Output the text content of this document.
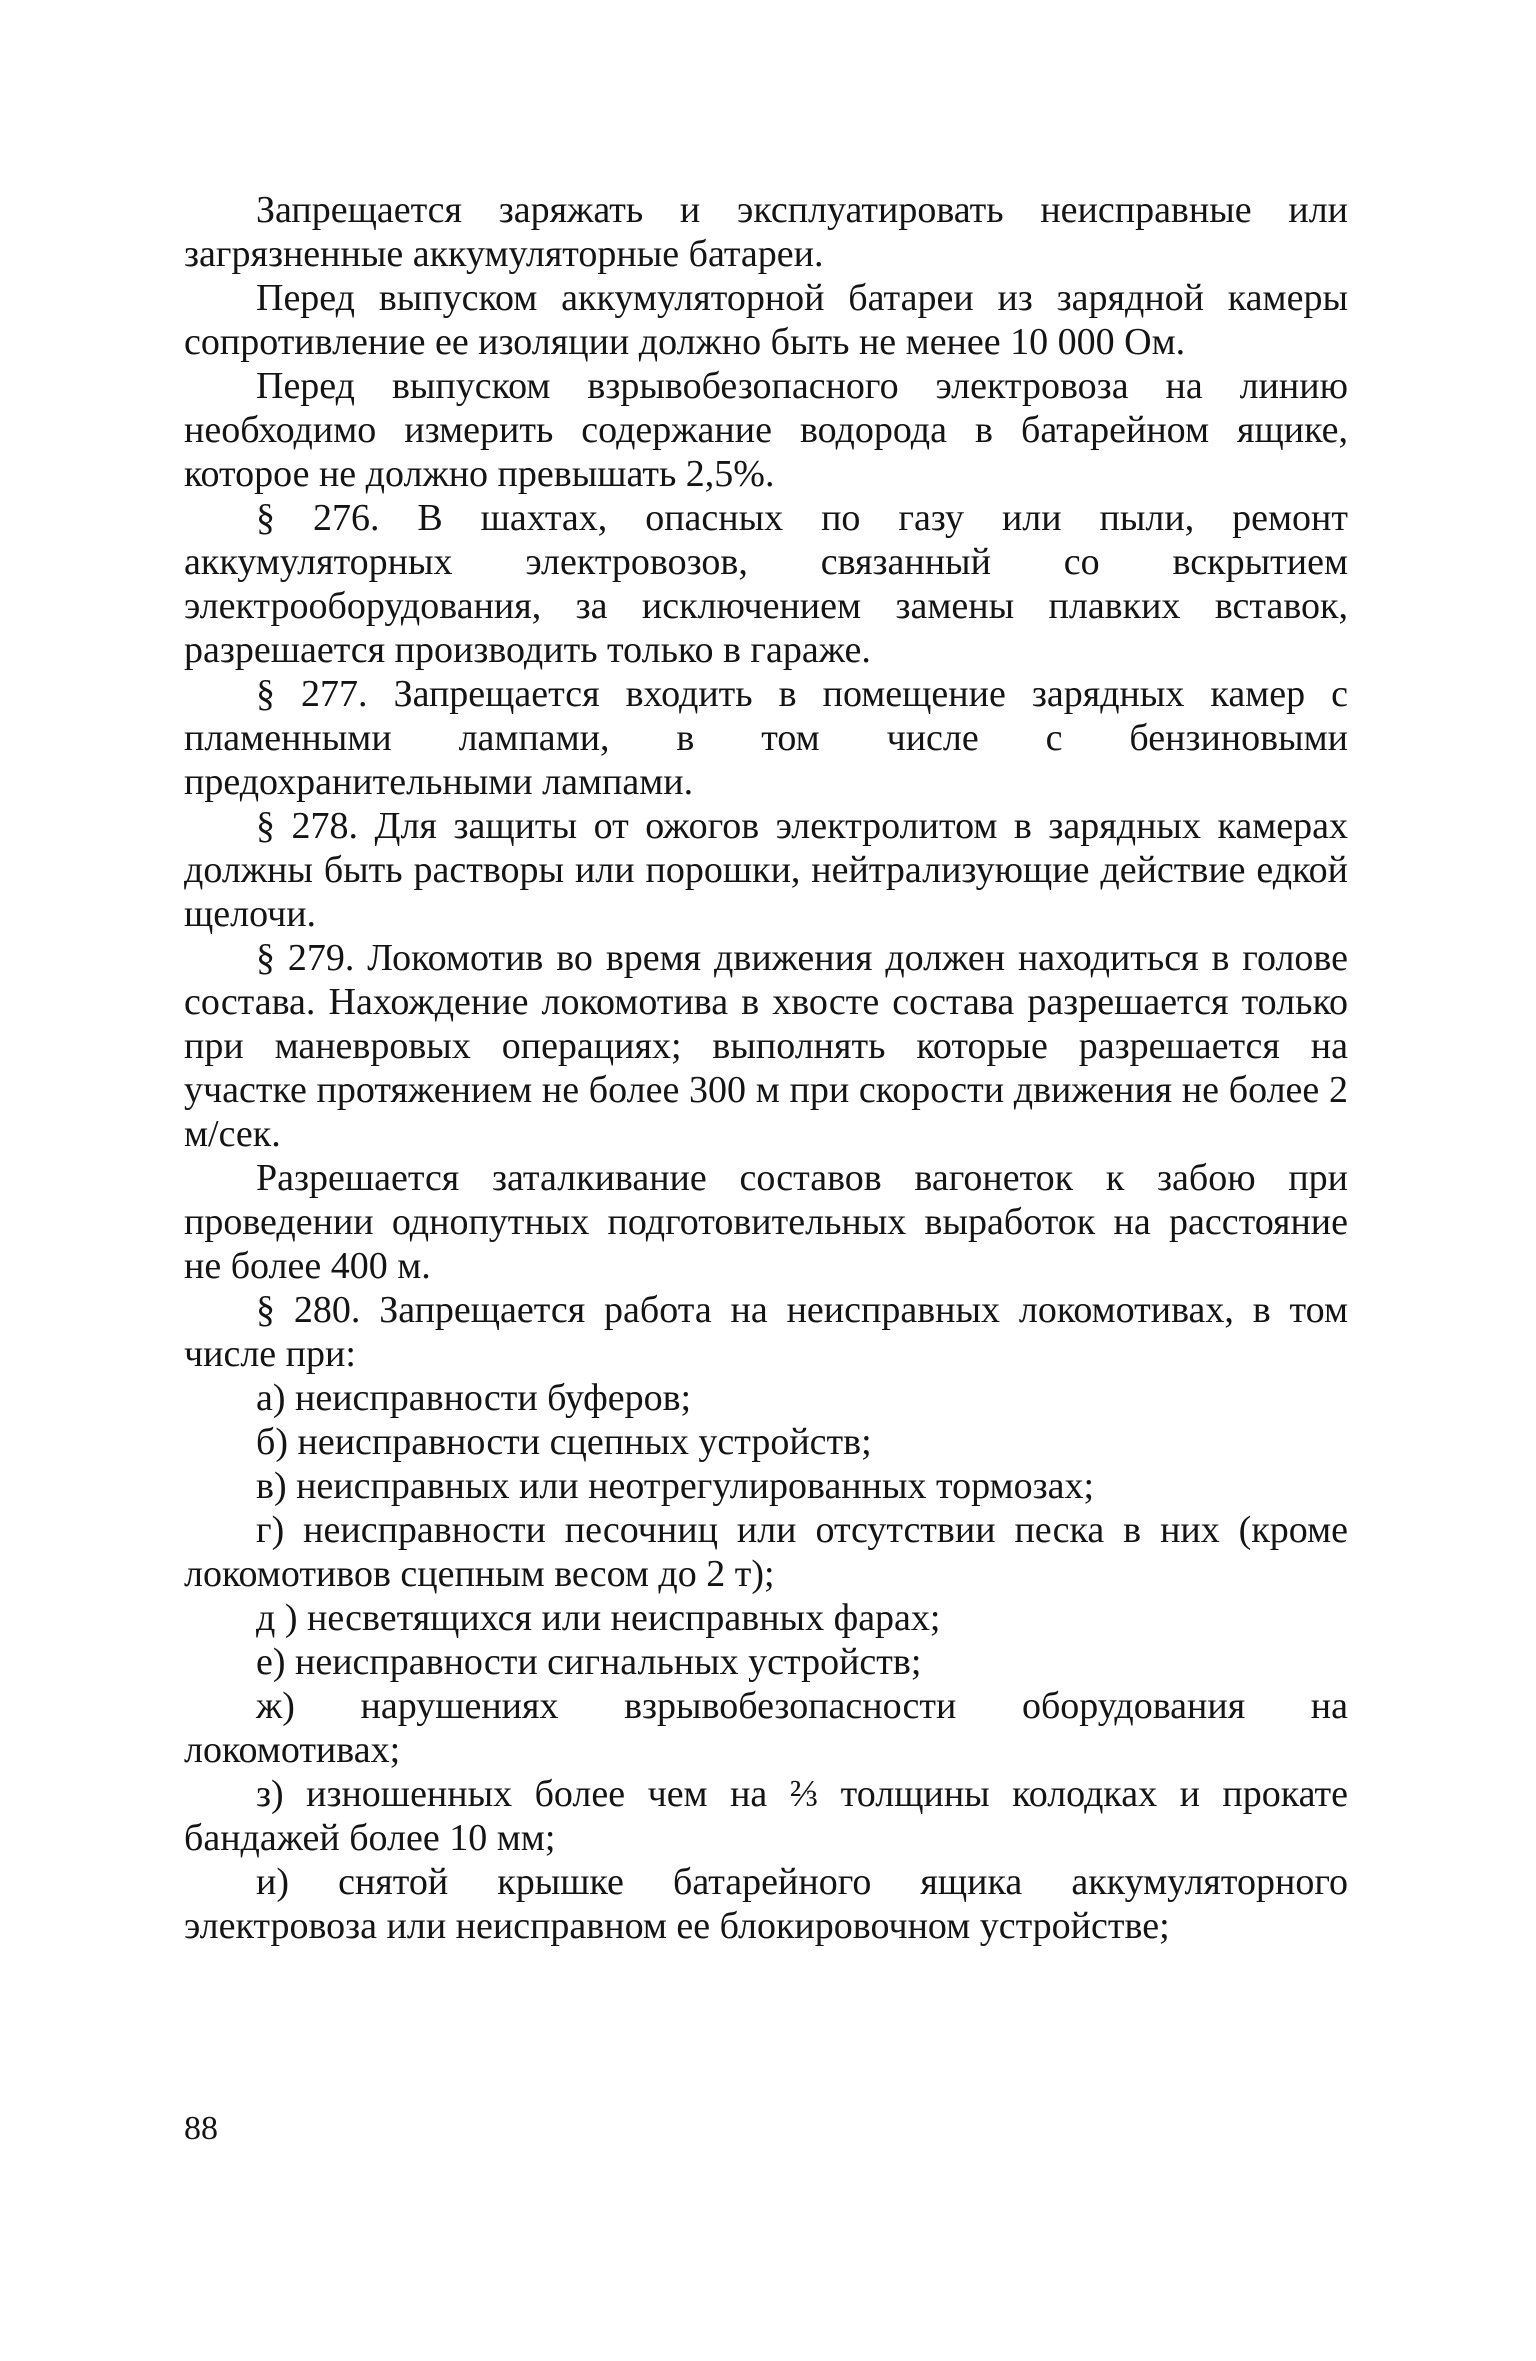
Запрещается заряжать и эксплуатировать неисправные или загрязненные аккумуляторные батареи.

Перед выпуском аккумуляторной батареи из зарядной камеры сопротивление ее изоляции должно быть не менее 10 000 Ом.

Перед выпуском взрывобезопасного электровоза на линию необходимо измерить содержание водорода в батарейном ящике, которое не должно превышать 2,5%.

§ 276. В шахтах, опасных по газу или пыли, ремонт аккумуляторных электровозов, связанный со вскрытием электрооборудования, за исключением замены плавких вставок, разрешается производить только в гараже.

§ 277. Запрещается входить в помещение зарядных камер с пламенными лампами, в том числе с бензиновыми предохранительными лампами.

§ 278. Для защиты от ожогов электролитом в зарядных камерах должны быть растворы или порошки, нейтрализующие действие едкой щелочи.

§ 279. Локомотив во время движения должен находиться в голове состава. Нахождение локомотива в хвосте состава разрешается только при маневровых операциях; выполнять которые разрешается на участке протяжением не более 300 м при скорости движения не более 2 м/сек.

Разрешается заталкивание составов вагонеток к забою при проведении однопутных подготовительных выработок на расстояние не более 400 м.

§ 280. Запрещается работа на неисправных локомотивах, в том числе при:

а) неисправности буферов;

б) неисправности сцепных устройств;

в) неисправных или неотрегулированных тормозах;

г) неисправности песочниц или отсутствии песка в них (кроме локомотивов сцепным весом до 2 т);

д ) несветящихся или неисправных фарах;

е) неисправности сигнальных устройств;

ж) нарушениях взрывобезопасности оборудования на локомотивах;

з) изношенных более чем на ⅔ толщины колодках и прокате бандажей более 10 мм;

и) снятой крышке батарейного ящика аккумуляторного электровоза или неисправном ее блокировочном устройстве;

88
